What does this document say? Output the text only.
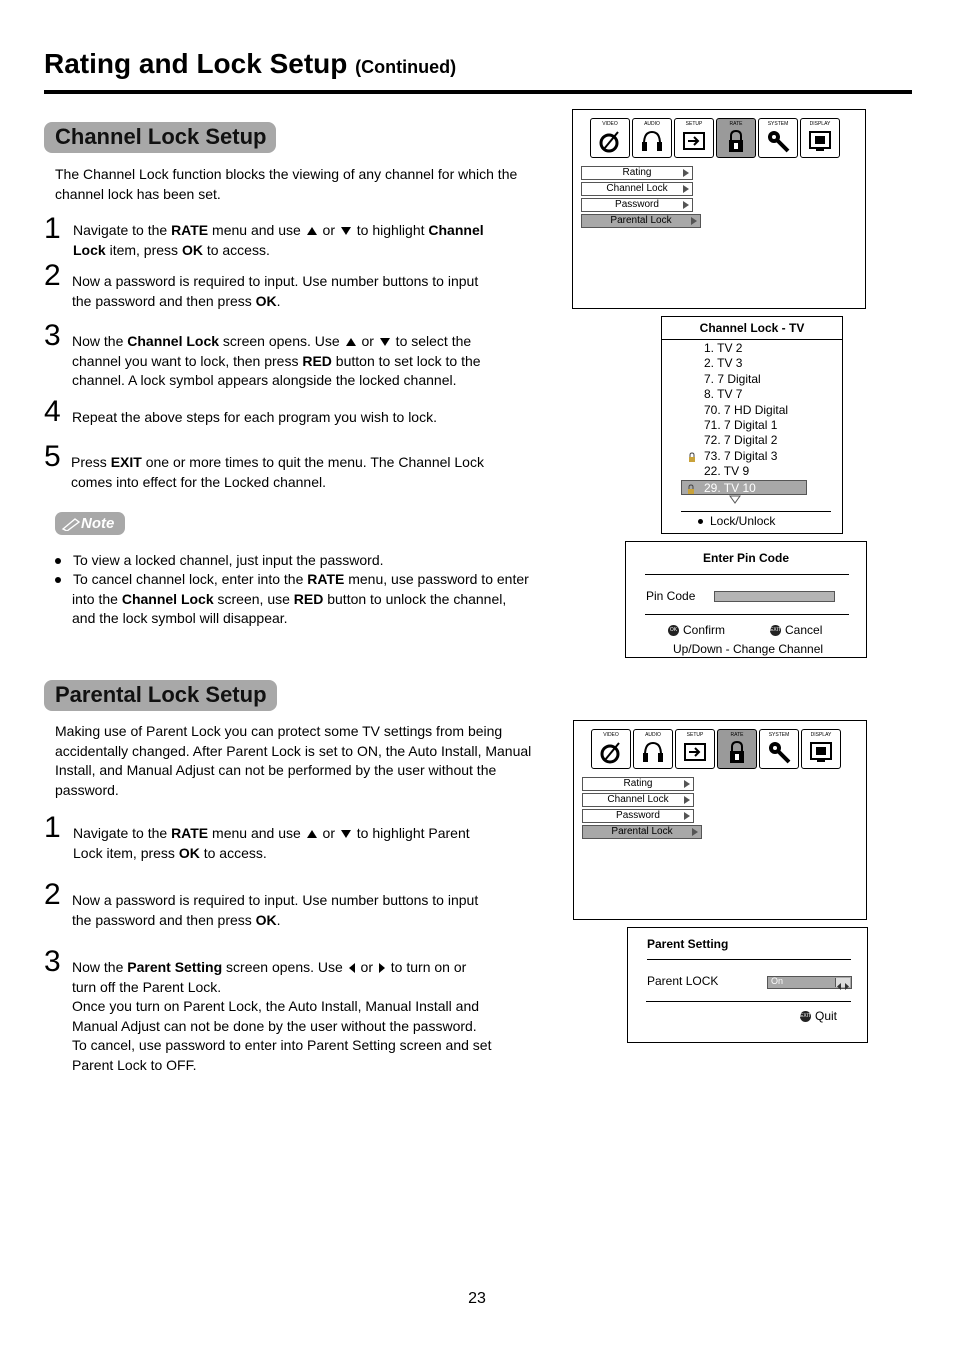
Rating and Lock Setup (Continued)
Channel Lock Setup
The Channel Lock function blocks the viewing of any channel for which the channel lock has been set.
1 Navigate to the RATE menu and use  or  to highlight Channel
Lock item, press OK to access.
2 Now a password is required to input. Use number buttons to input
the password and then press OK.
3 Now the Channel Lock screen opens. Use  or  to select the
channel you want to lock, then press RED button to set lock to the
channel. A lock symbol appears alongside the locked channel.
4 Repeat the above steps for each program you wish to lock.
5 Press EXIT one or more times to quit the menu. The Channel Lock
comes into effect for the Locked channel.
Note
To view a locked channel, just input the password.
To cancel channel lock, enter into the RATE menu, use password to enter
into the Channel Lock screen, use RED button to unlock the channel,
and the lock symbol will disappear.
VIDEO	AUDIO	SETUP	RATE	SYSTEM	DISPLAY
Rating
Channel Lock
Password
Parental Lock
Channel Lock - TV
1. TV 2
2. TV 3
7. 7 Digital
8. TV 7
70. 7 HD Digital
71. 7 Digital 1
72. 7 Digital 2
73. 7 Digital 3
22. TV 9
29. TV 10
Lock/Unlock
Enter Pin Code
Pin Code
OK Confirm	EXIT Cancel
Up/Down - Change Channel
Parental Lock Setup
Making use of Parent Lock you can protect some TV settings from being accidentally changed. After Parent Lock is set to ON, the Auto Install, Manual Install, and Manual Adjust can not be performed by the user without the password.
1 Navigate to the RATE menu and use  or  to highlight Parent
Lock item, press OK to access.
2 Now a password is required to input. Use number buttons to input
the password and then press OK.
3 Now the Parent Setting screen opens. Use  or  to turn on or
turn off the Parent Lock.
Once you turn on Parent Lock, the Auto Install, Manual Install and
Manual Adjust can not be done by the user without the password.
To cancel, use password to enter into Parent Setting screen and set
Parent Lock to OFF.
VIDEO	AUDIO	SETUP	RATE	SYSTEM	DISPLAY
Rating
Channel Lock
Password
Parental Lock
Parent Setting
Parent LOCK	On
EXIT Quit
23
